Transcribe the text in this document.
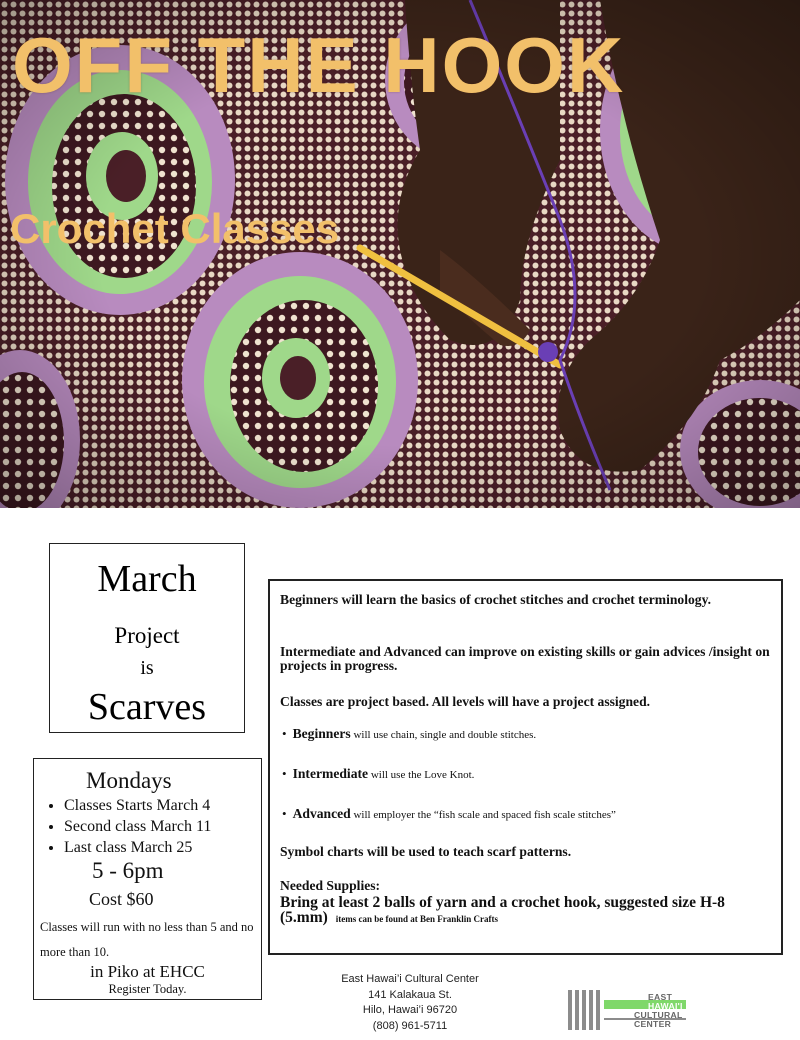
OFF THE HOOK
Crochet Classes
March
Project
is
Scarves
Mondays
• Classes Starts March 4
• Second class March 11
• Last class March 25
5 - 6pm
Cost $60
Classes will run with no less than 5 and no more than 10.
in Piko at EHCC
Register Today.

Beginners will learn the basics of crochet stitches and crochet terminology.

Intermediate and Advanced can improve on existing skills or gain advices /insight on projects in progress.

Classes are project based. All levels will have a project assigned.

• Beginners will use chain, single and double stitches.
• Intermediate will use the Love Knot.
• Advanced will employer the “fish scale and spaced fish scale stitches”

Symbol charts will be used to teach scarf patterns.

Needed Supplies:

Bring at least 2 balls of yarn and a crochet hook, suggested size H-8 (5.mm) items can be found at Ben Franklin Crafts

East Hawai’i Cultural Center
141 Kalakaua St.
Hilo, Hawai’i 96720
(808) 961-5711
EAST
HAWAI'I
CULTURAL
CENTER
